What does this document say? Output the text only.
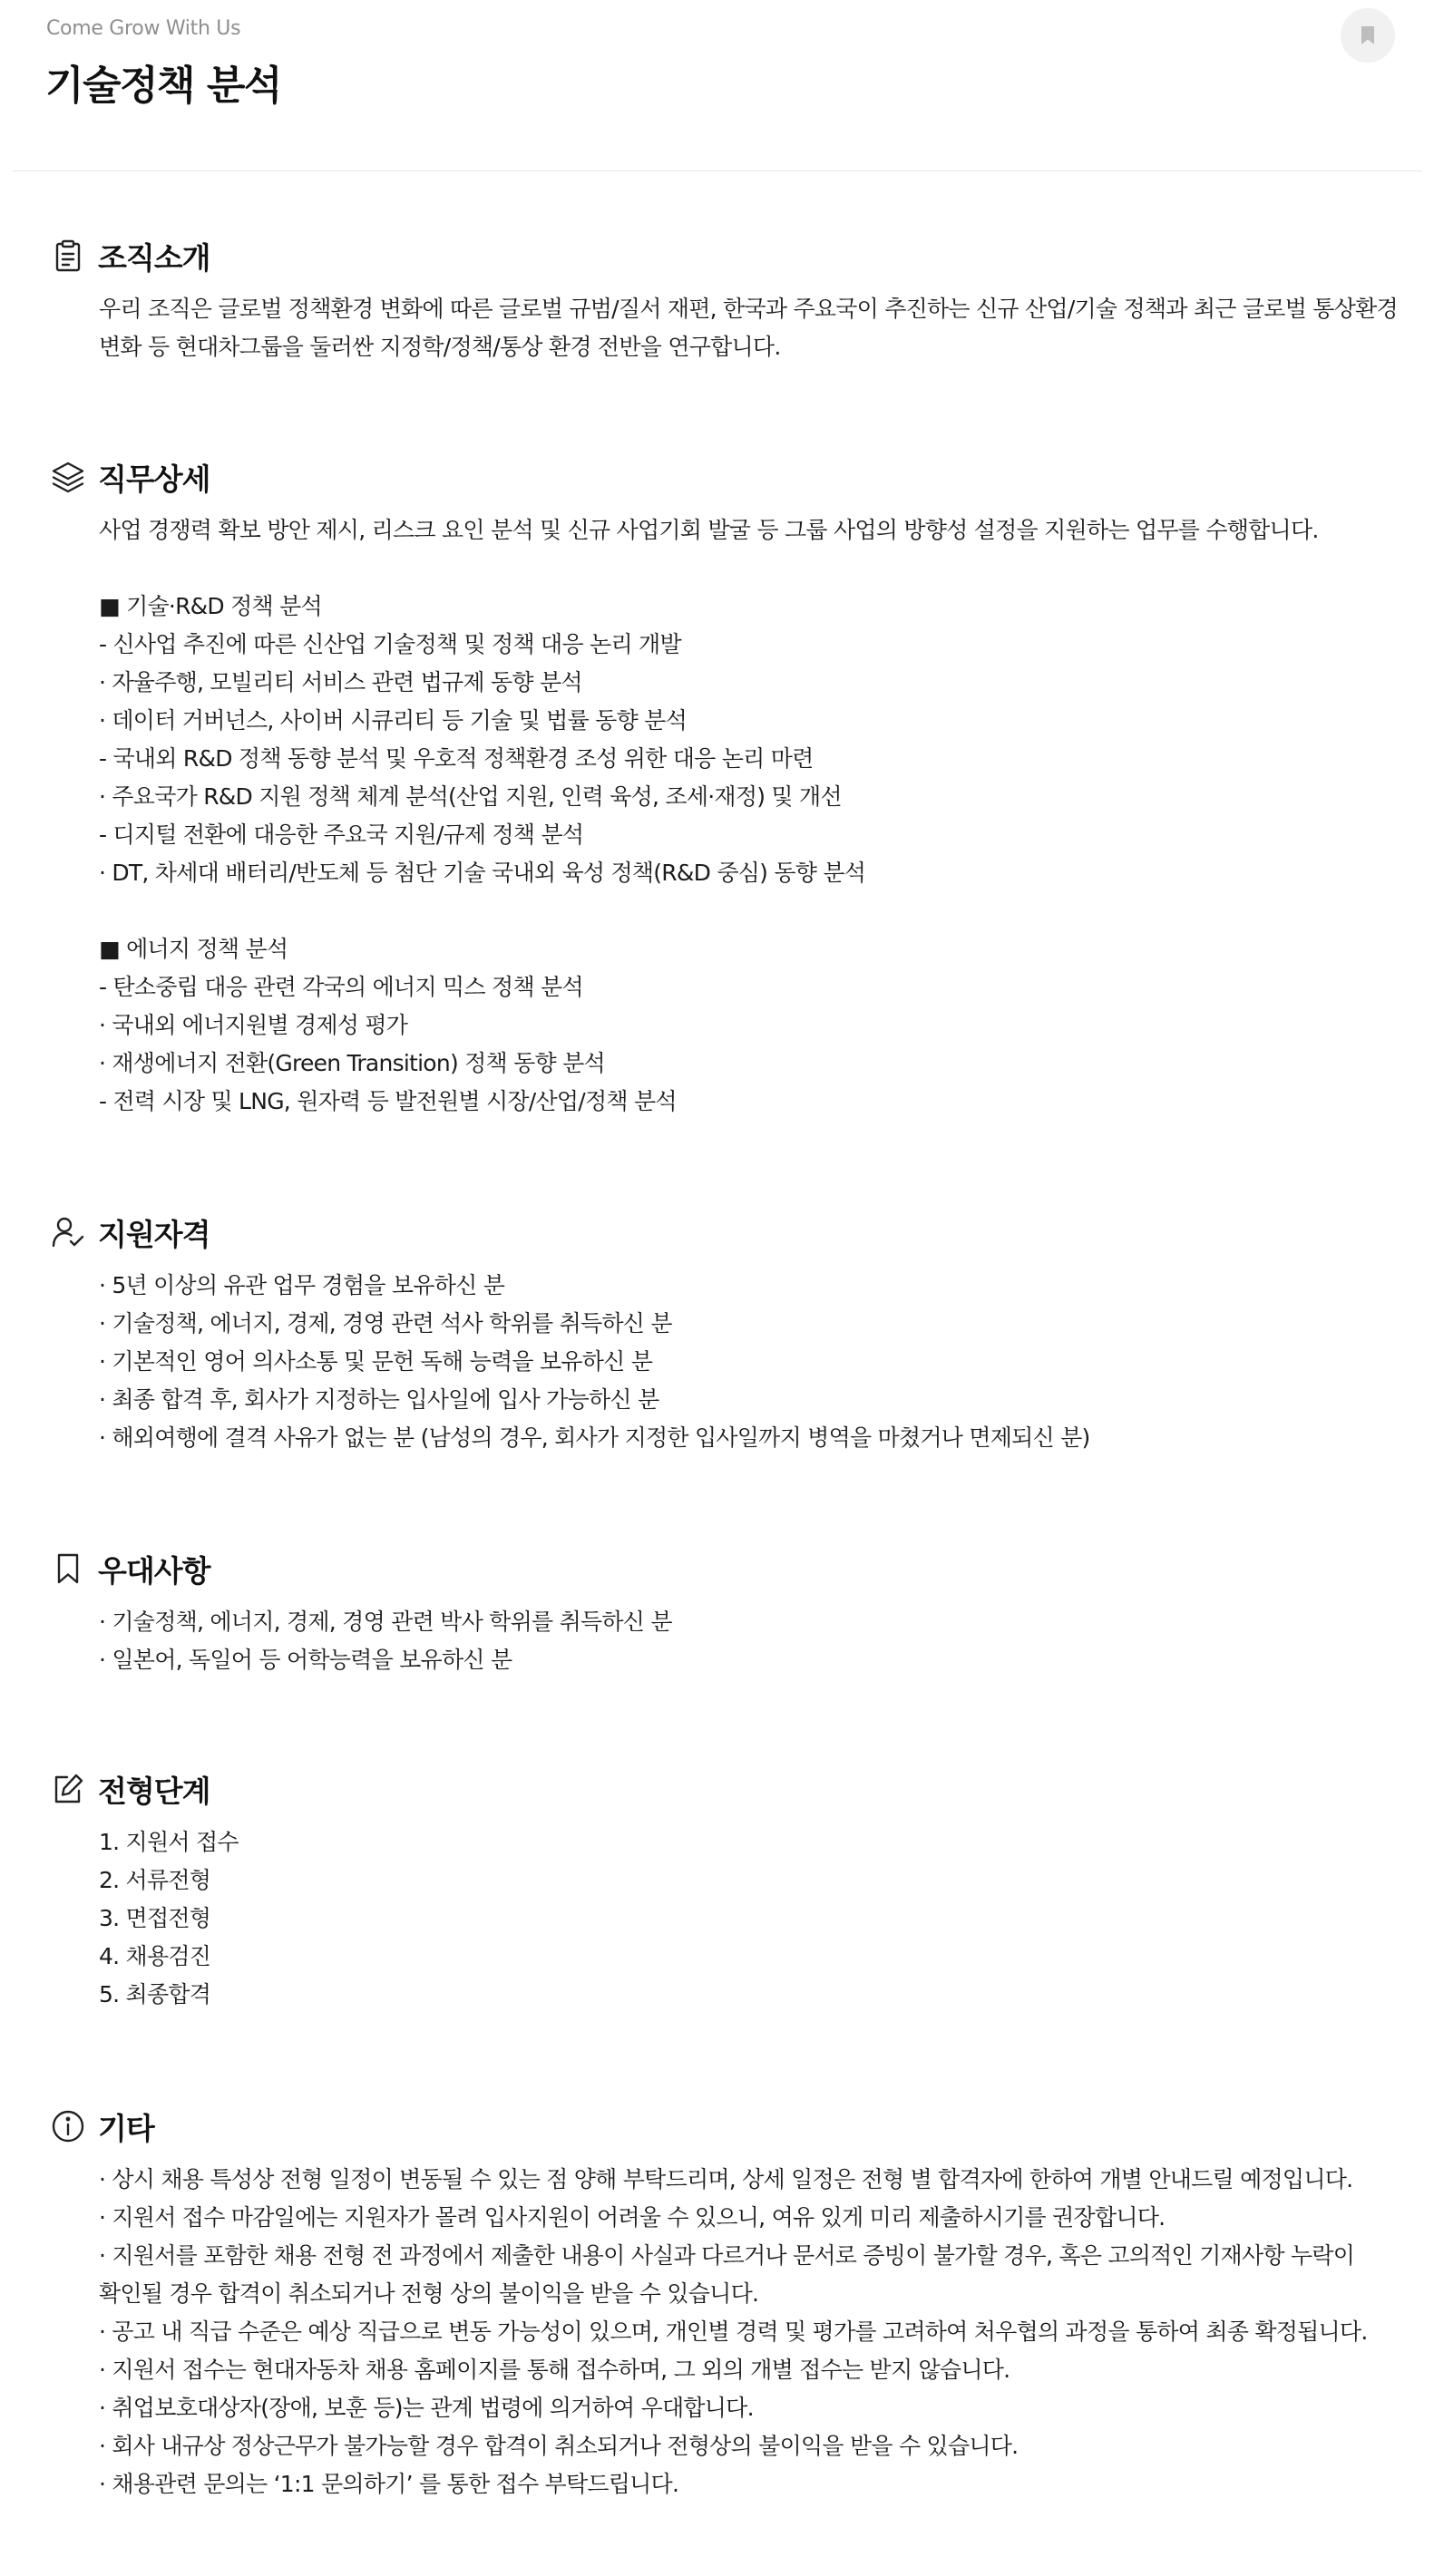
Come Grow With Us
기술정책 분석
조직소개
우리 조직은 글로벌 정책환경 변화에 따른 글로벌 규범/질서 재편, 한국과 주요국이 추진하는 신규 산업/기술 정책과 최근 글로벌 통상환경
변화 등 현대차그룹을 둘러싼 지정학/정책/통상 환경 전반을 연구합니다.
직무상세
사업 경쟁력 확보 방안 제시, 리스크 요인 분석 및 신규 사업기회 발굴 등 그룹 사업의 방향성 설정을 지원하는 업무를 수행합니다.
■ 기술·R&D 정책 분석
- 신사업 추진에 따른 신산업 기술정책 및 정책 대응 논리 개발
· 자율주행, 모빌리티 서비스 관련 법규제 동향 분석
· 데이터 거버넌스, 사이버 시큐리티 등 기술 및 법률 동향 분석
- 국내외 R&D 정책 동향 분석 및 우호적 정책환경 조성 위한 대응 논리 마련
· 주요국가 R&D 지원 정책 체계 분석(산업 지원, 인력 육성, 조세·재정) 및 개선
- 디지털 전환에 대응한 주요국 지원/규제 정책 분석
· DT, 차세대 배터리/반도체 등 첨단 기술 국내외 육성 정책(R&D 중심) 동향 분석
■ 에너지 정책 분석
- 탄소중립 대응 관련 각국의 에너지 믹스 정책 분석
· 국내외 에너지원별 경제성 평가
· 재생에너지 전환(Green Transition) 정책 동향 분석
- 전력 시장 및 LNG, 원자력 등 발전원별 시장/산업/정책 분석
지원자격
· 5년 이상의 유관 업무 경험을 보유하신 분
· 기술정책, 에너지, 경제, 경영 관련 석사 학위를 취득하신 분
· 기본적인 영어 의사소통 및 문헌 독해 능력을 보유하신 분
· 최종 합격 후, 회사가 지정하는 입사일에 입사 가능하신 분
· 해외여행에 결격 사유가 없는 분 (남성의 경우, 회사가 지정한 입사일까지 병역을 마쳤거나 면제되신 분)
우대사항
· 기술정책, 에너지, 경제, 경영 관련 박사 학위를 취득하신 분
· 일본어, 독일어 등 어학능력을 보유하신 분
전형단계
1. 지원서 접수
2. 서류전형
3. 면접전형
4. 채용검진
5. 최종합격
기타
· 상시 채용 특성상 전형 일정이 변동될 수 있는 점 양해 부탁드리며, 상세 일정은 전형 별 합격자에 한하여 개별 안내드릴 예정입니다.
· 지원서 접수 마감일에는 지원자가 몰려 입사지원이 어려울 수 있으니, 여유 있게 미리 제출하시기를 권장합니다.
· 지원서를 포함한 채용 전형 전 과정에서 제출한 내용이 사실과 다르거나 문서로 증빙이 불가할 경우, 혹은 고의적인 기재사항 누락이
확인될 경우 합격이 취소되거나 전형 상의 불이익을 받을 수 있습니다.
· 공고 내 직급 수준은 예상 직급으로 변동 가능성이 있으며, 개인별 경력 및 평가를 고려하여 처우협의 과정을 통하여 최종 확정됩니다.
· 지원서 접수는 현대자동차 채용 홈페이지를 통해 접수하며, 그 외의 개별 접수는 받지 않습니다.
· 취업보호대상자(장애, 보훈 등)는 관계 법령에 의거하여 우대합니다.
· 회사 내규상 정상근무가 불가능할 경우 합격이 취소되거나 전형상의 불이익을 받을 수 있습니다.
· 채용관련 문의는 ‘1:1 문의하기’ 를 통한 접수 부탁드립니다.
